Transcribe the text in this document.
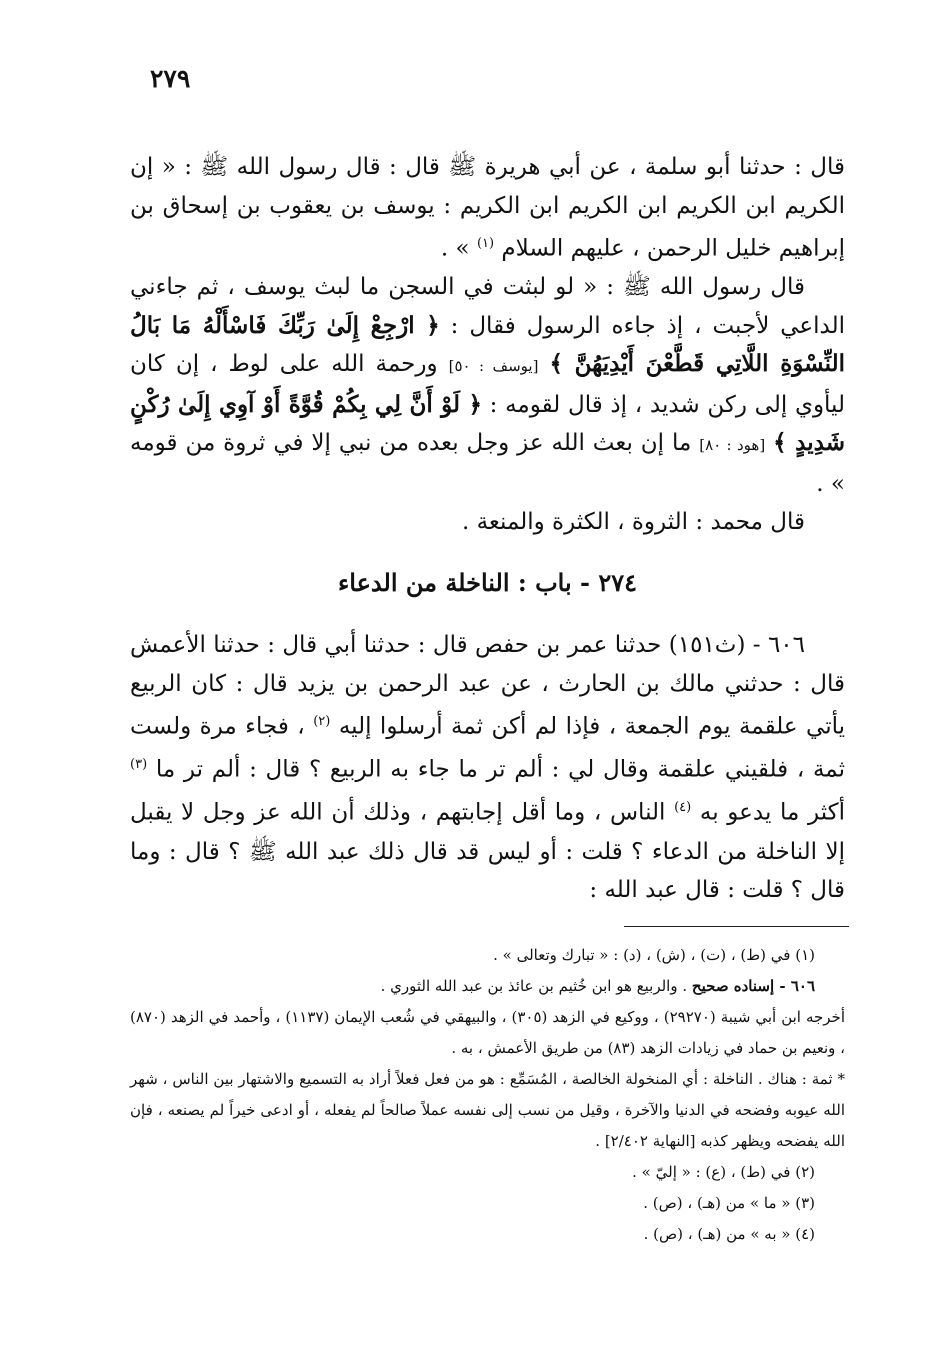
٢٧٩

قال : حدثنا أبو سلمة ، عن أبي هريرة ﷺ قال : قال رسول الله ﷺ : « إن الكريم ابن الكريم ابن الكريم ابن الكريم : يوسف بن يعقوب بن إسحاق بن إبراهيم خليل الرحمن ، عليهم السلام $^{(١)}$ » .

قال رسول الله ﷺ : « لو لبثت في السجن ما لبث يوسف ، ثم جاءني الداعي لأجبت ، إذ جاءه الرسول فقال : ﴿ ارْجِعْ إِلَىٰ رَبِّكَ فَاسْأَلْهُ مَا بَالُ النِّسْوَةِ اللَّاتِي قَطَّعْنَ أَيْدِيَهُنَّ ﴾ [يوسف : ٥٠] ورحمة الله على لوط ، إن كان ليأوي إلى ركن شديد ، إذ قال لقومه : ﴿ لَوْ أَنَّ لِي بِكُمْ قُوَّةً أَوْ آوِي إِلَىٰ رُكْنٍ شَدِيدٍ ﴾ [هود : ٨٠] ما إن بعث الله عز وجل بعده من نبي إلا في ثروة من قومه » .

قال محمد : الثروة ، الكثرة والمنعة .

٢٧٤ - باب : الناخلة من الدعاء

٦٠٦ - (ث١٥١) حدثنا عمر بن حفص قال : حدثنا أبي قال : حدثنا الأعمش قال : حدثني مالك بن الحارث ، عن عبد الرحمن بن يزيد قال : كان الربيع يأتي علقمة يوم الجمعة ، فإذا لم أكن ثمة أرسلوا إليه $^{(٢)}$ ، فجاء مرة ولست ثمة ، فلقيني علقمة وقال لي : ألم تر ما جاء به الربيع ؟ قال : ألم تر ما $^{(٣)}$ أكثر ما يدعو به $^{(٤)}$ الناس ، وما أقل إجابتهم ، وذلك أن الله عز وجل لا يقبل إلا الناخلة من الدعاء ؟ قلت : أو ليس قد قال ذلك عبد الله ﷺ ؟ قال : وما قال ؟ قلت : قال عبد الله :

(١) في (ط) ، (ت) ، (ش) ، (د) : « تبارك وتعالى » .

٦٠٦ - إسناده صحيح . والربيع هو ابن خُثيم بن عائذ بن عبد الله الثوري .

أخرجه ابن أبي شيبة (٢٩٢٧٠) ، ووكيع في الزهد (٣٠٥) ، والبيهقي في شُعب الإيمان (١١٣٧) ، وأحمد في الزهد (٨٧٠) ، ونعيم بن حماد في زيادات الزهد (٨٣) من طريق الأعمش ، به .

* ثمة : هناك . الناخلة : أي المنخولة الخالصة ، المُسَمِّع : هو من فعل فعلاً أراد به التسميع والاشتهار بين الناس ، شهر الله عيوبه وفضحه في الدنيا والآخرة ، وقيل من نسب إلى نفسه عملاً صالحاً لم يفعله ، أو ادعى خيراً لم يصنعه ، فإن الله يفضحه ويظهر كذبه [النهاية ٢/٤٠٢] .

(٢) في (ط) ، (ع) : « إليّ » .

(٣) « ما » من (هـ) ، (ص) .

(٤) « به » من (هـ) ، (ص) .
